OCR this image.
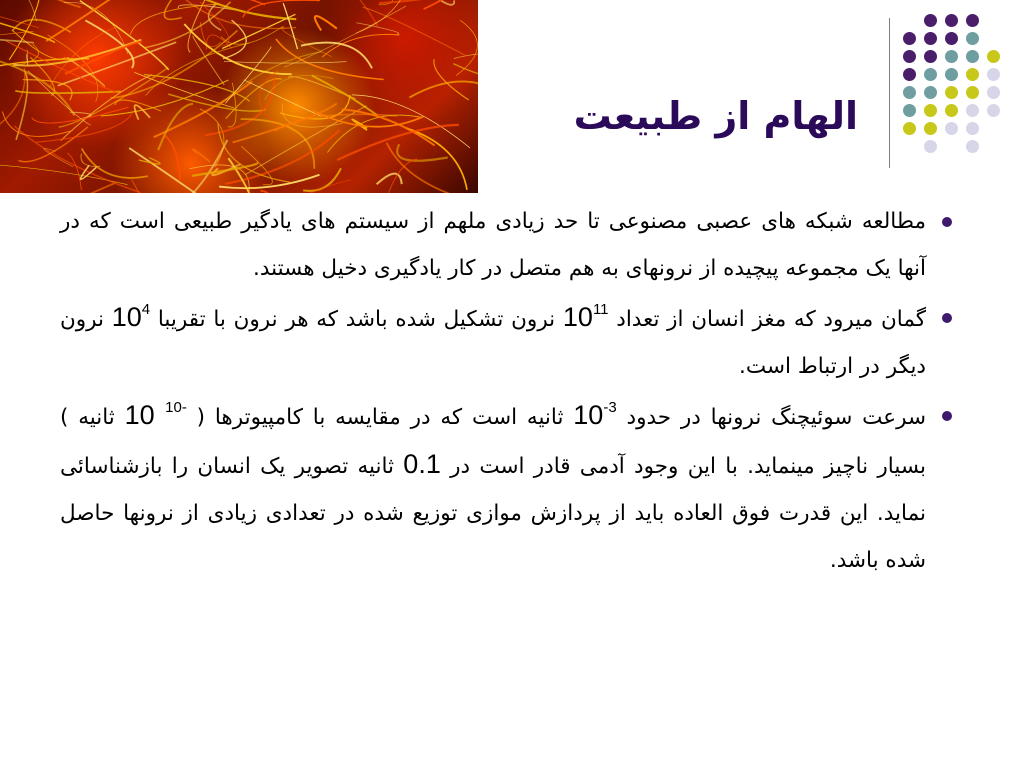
الهام از طبیعت
مطالعه شبکه های عصبی مصنوعی تا حد زیادی ملهم از سیستم های یادگیر طبیعی است که در آنها یک مجموعه پیچیده از نرونهای به هم متصل در کار یادگیری دخیل هستند.
گمان میرود که مغز انسان از تعداد $10^{11}$ نرون تشکیل شده باشد که هر نرون با تقریبا $10^4$ نرون دیگر در ارتباط است.
سرعت سوئیچنگ نرونها در حدود $10^{-3}$ ثانیه است که در مقایسه با کامپیوترها ( $^{-10}$ 10 ثانیه ) بسیار ناچیز مینماید. با این وجود آدمی قادر است در 0.1 ثانیه تصویر یک انسان را بازشناسائی نماید. این قدرت فوق العاده باید از پردازش موازی توزیع شده در تعدادی زیادی از نرونها حاصل شده باشد.
